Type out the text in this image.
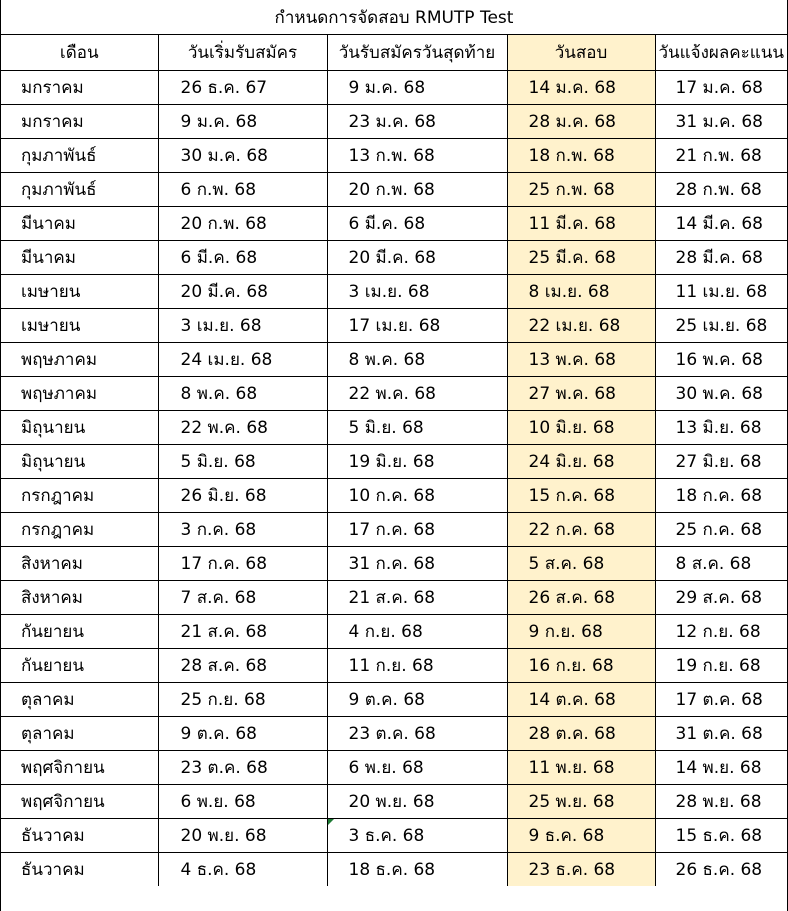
กำหนดการจัดสอบ RMUTP Test
เดือน	วันเริ่มรับสมัคร	วันรับสมัครวันสุดท้าย	วันสอบ	วันแจ้งผลคะแนน
มกราคม	26 ธ.ค. 67	9 ม.ค. 68	14 ม.ค. 68	17 ม.ค. 68
มกราคม	9 ม.ค. 68	23 ม.ค. 68	28 ม.ค. 68	31 ม.ค. 68
กุมภาพันธ์	30 ม.ค. 68	13 ก.พ. 68	18 ก.พ. 68	21 ก.พ. 68
กุมภาพันธ์	6 ก.พ. 68	20 ก.พ. 68	25 ก.พ. 68	28 ก.พ. 68
มีนาคม	20 ก.พ. 68	6 มี.ค. 68	11 มี.ค. 68	14 มี.ค. 68
มีนาคม	6 มี.ค. 68	20 มี.ค. 68	25 มี.ค. 68	28 มี.ค. 68
เมษายน	20 มี.ค. 68	3 เม.ย. 68	8 เม.ย. 68	11 เม.ย. 68
เมษายน	3 เม.ย. 68	17 เม.ย. 68	22 เม.ย. 68	25 เม.ย. 68
พฤษภาคม	24 เม.ย. 68	8 พ.ค. 68	13 พ.ค. 68	16 พ.ค. 68
พฤษภาคม	8 พ.ค. 68	22 พ.ค. 68	27 พ.ค. 68	30 พ.ค. 68
มิถุนายน	22 พ.ค. 68	5 มิ.ย. 68	10 มิ.ย. 68	13 มิ.ย. 68
มิถุนายน	5 มิ.ย. 68	19 มิ.ย. 68	24 มิ.ย. 68	27 มิ.ย. 68
กรกฎาคม	26 มิ.ย. 68	10 ก.ค. 68	15 ก.ค. 68	18 ก.ค. 68
กรกฎาคม	3 ก.ค. 68	17 ก.ค. 68	22 ก.ค. 68	25 ก.ค. 68
สิงหาคม	17 ก.ค. 68	31 ก.ค. 68	5 ส.ค. 68	8 ส.ค. 68
สิงหาคม	7 ส.ค. 68	21 ส.ค. 68	26 ส.ค. 68	29 ส.ค. 68
กันยายน	21 ส.ค. 68	4 ก.ย. 68	9 ก.ย. 68	12 ก.ย. 68
กันยายน	28 ส.ค. 68	11 ก.ย. 68	16 ก.ย. 68	19 ก.ย. 68
ตุลาคม	25 ก.ย. 68	9 ต.ค. 68	14 ต.ค. 68	17 ต.ค. 68
ตุลาคม	9 ต.ค. 68	23 ต.ค. 68	28 ต.ค. 68	31 ต.ค. 68
พฤศจิกายน	23 ต.ค. 68	6 พ.ย. 68	11 พ.ย. 68	14 พ.ย. 68
พฤศจิกายน	6 พ.ย. 68	20 พ.ย. 68	25 พ.ย. 68	28 พ.ย. 68
ธันวาคม	20 พ.ย. 68	3 ธ.ค. 68	9 ธ.ค. 68	15 ธ.ค. 68
ธันวาคม	4 ธ.ค. 68	18 ธ.ค. 68	23 ธ.ค. 68	26 ธ.ค. 68
